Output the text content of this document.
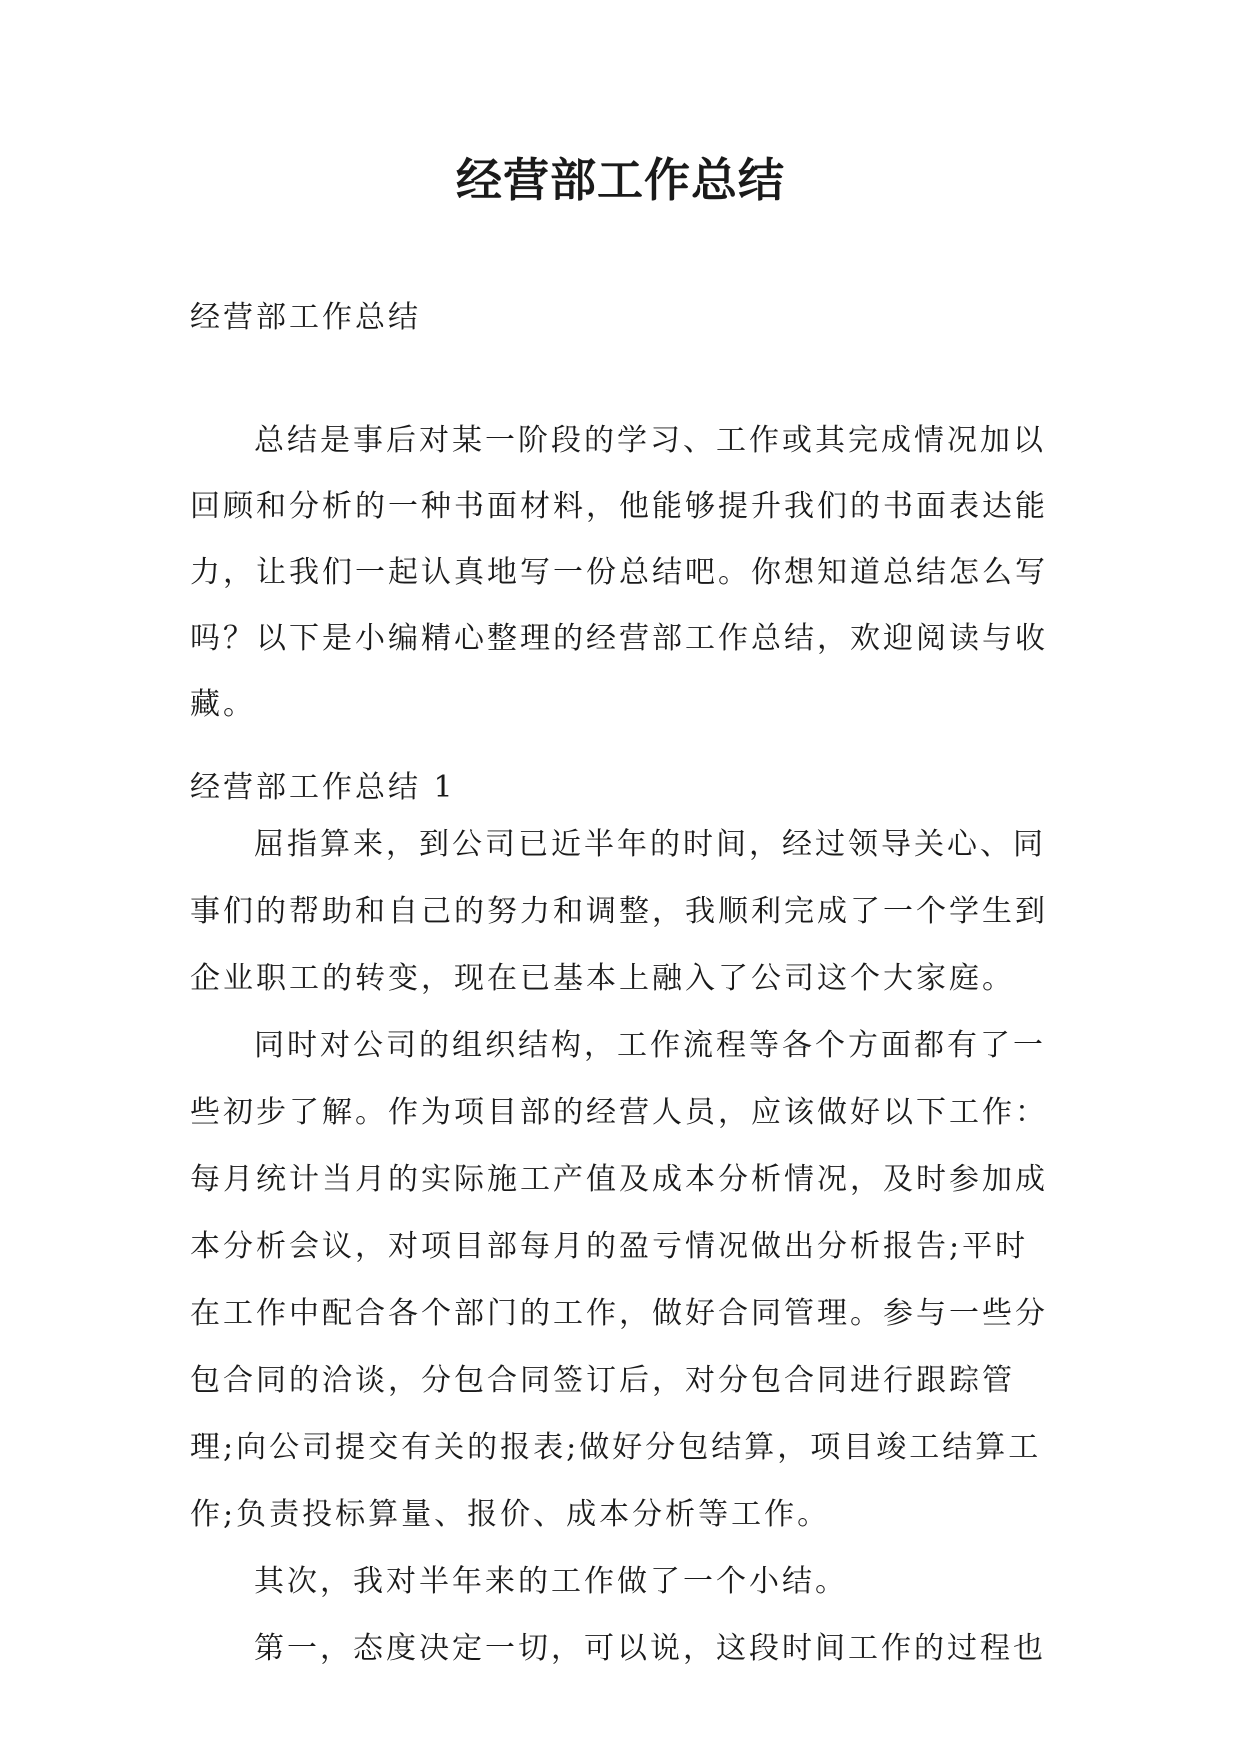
经营部工作总结
经营部工作总结

总结是事后对某一阶段的学习、工作或其完成情况加以回顾和分析的一种书面材料，他能够提升我们的书面表达能力，让我们一起认真地写一份总结吧。你想知道总结怎么写吗？以下是小编精心整理的经营部工作总结，欢迎阅读与收藏。

经营部工作总结 1

屈指算来，到公司已近半年的时间，经过领导关心、同事们的帮助和自己的努力和调整，我顺利完成了一个学生到企业职工的转变，现在已基本上融入了公司这个大家庭。

同时对公司的组织结构，工作流程等各个方面都有了一些初步了解。作为项目部的经营人员，应该做好以下工作：每月统计当月的实际施工产值及成本分析情况，及时参加成本分析会议，对项目部每月的盈亏情况做出分析报告;平时在工作中配合各个部门的工作，做好合同管理。参与一些分包合同的洽谈，分包合同签订后，对分包合同进行跟踪管理;向公司提交有关的报表;做好分包结算，项目竣工结算工作;负责投标算量、报价、成本分析等工作。

其次，我对半年来的工作做了一个小结。

第一，态度决定一切，可以说，这段时间工作的过程也
